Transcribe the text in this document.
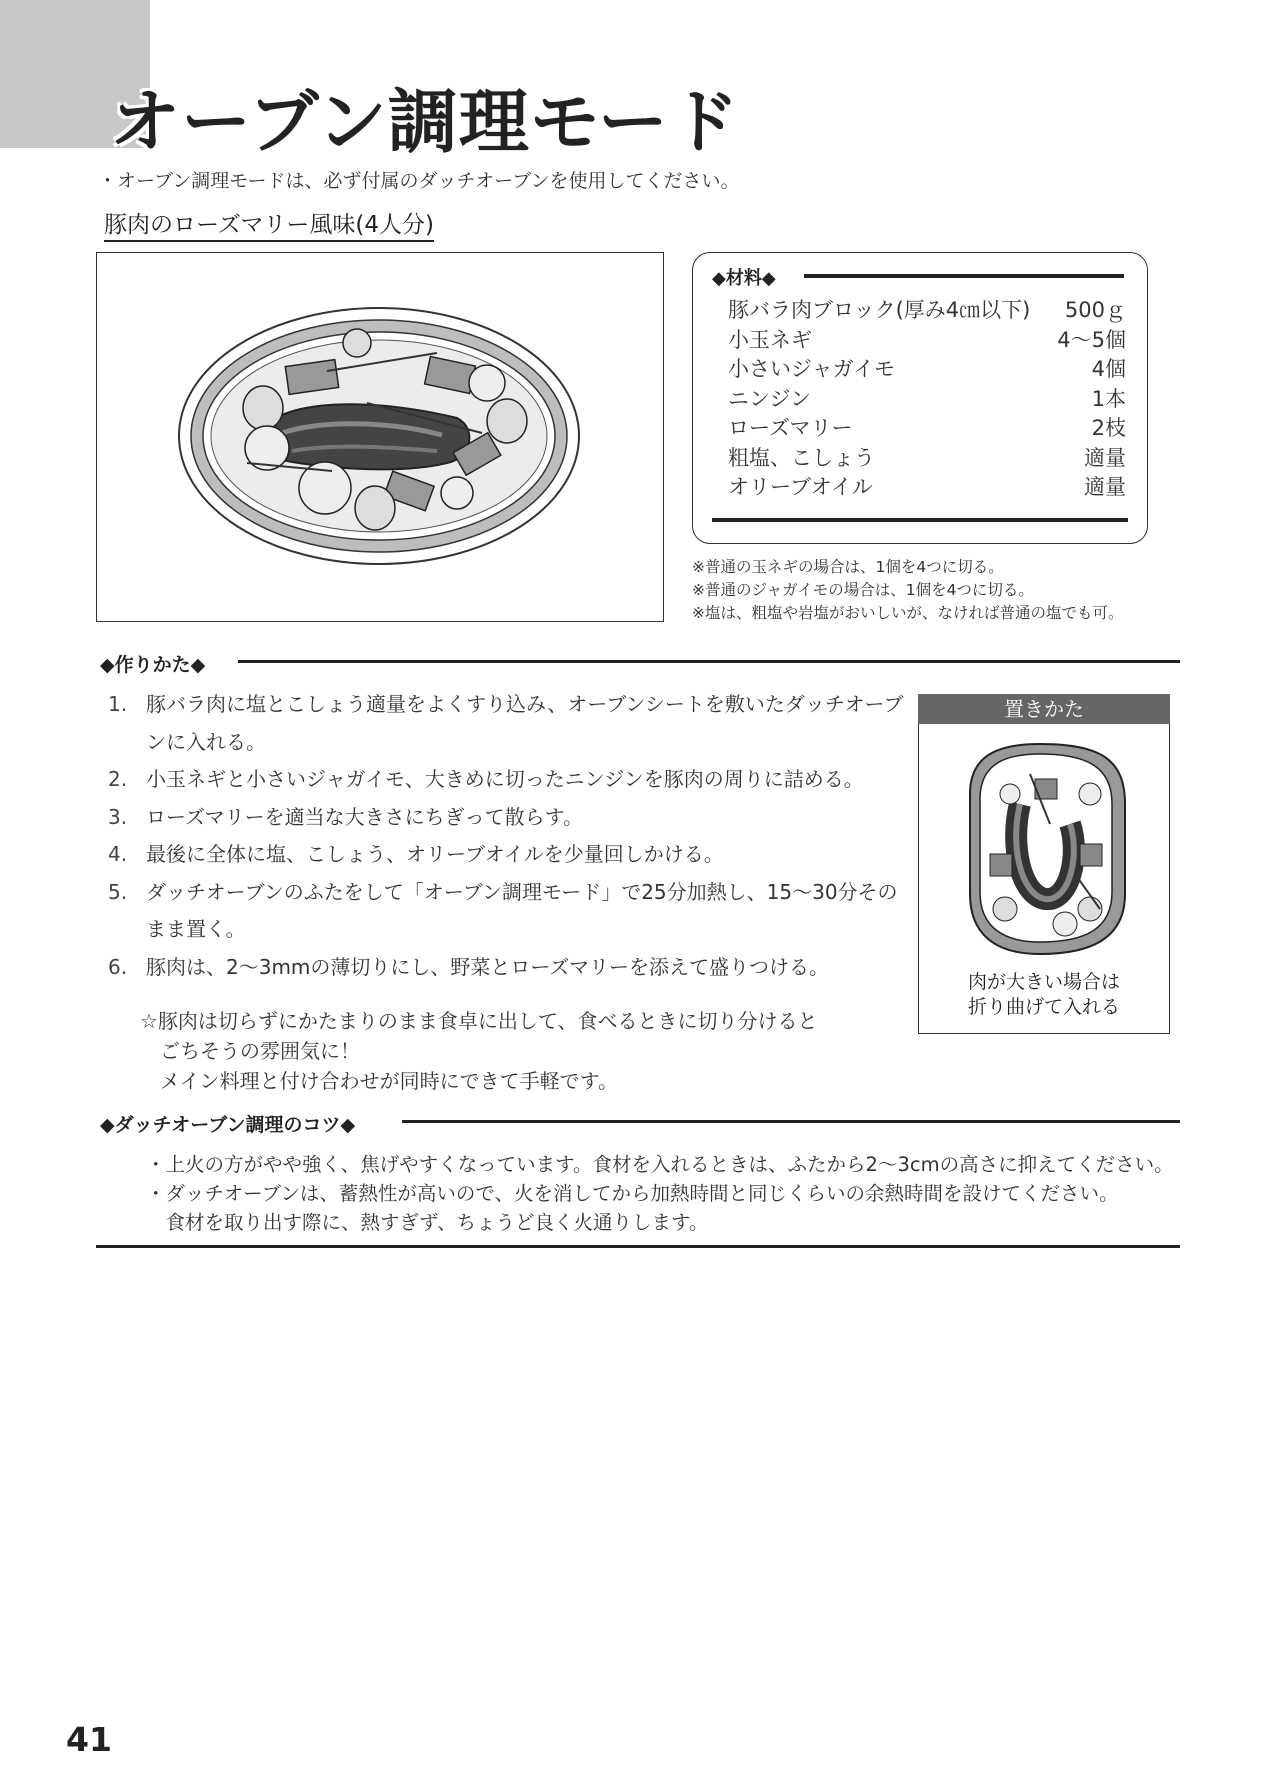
オーブン調理モード
・オーブン調理モードは、必ず付属のダッチオーブンを使用してください。
豚肉のローズマリー風味(4人分)
◆材料◆
豚バラ肉ブロック(厚み4㎝以下) 500ｇ
小玉ネギ	4〜5個
小さいジャガイモ	4個
ニンジン	1本
ローズマリー	2枝
粗塩、こしょう	適量
オリーブオイル	適量
※普通の玉ネギの場合は、1個を4つに切る。
※普通のジャガイモの場合は、1個を4つに切る。
※塩は、粗塩や岩塩がおいしいが、なければ普通の塩でも可。
◆作りかた◆
1. 豚バラ肉に塩とこしょう適量をよくすり込み、オーブンシートを敷いたダッチオーブンに入れる。
2. 小玉ネギと小さいジャガイモ、大きめに切ったニンジンを豚肉の周りに詰める。
3. ローズマリーを適当な大きさにちぎって散らす。
4. 最後に全体に塩、こしょう、オリーブオイルを少量回しかける。
5. ダッチオーブンのふたをして「オーブン調理モード」で25分加熱し、15〜30分そのまま置く。
6. 豚肉は、2〜3mmの薄切りにし、野菜とローズマリーを添えて盛りつける。
☆豚肉は切らずにかたまりのまま食卓に出して、食べるときに切り分けると
　ごちそうの雰囲気に！
　メイン料理と付け合わせが同時にできて手軽です。
置きかた
肉が大きい場合は
折り曲げて入れる
◆ダッチオーブン調理のコツ◆
・上火の方がやや強く、焦げやすくなっています。食材を入れるときは、ふたから2〜3cmの高さに抑えてください。
・ダッチオーブンは、蓄熱性が高いので、火を消してから加熱時間と同じくらいの余熱時間を設けてください。
　食材を取り出す際に、熱すぎず、ちょうど良く火通りします。
41
